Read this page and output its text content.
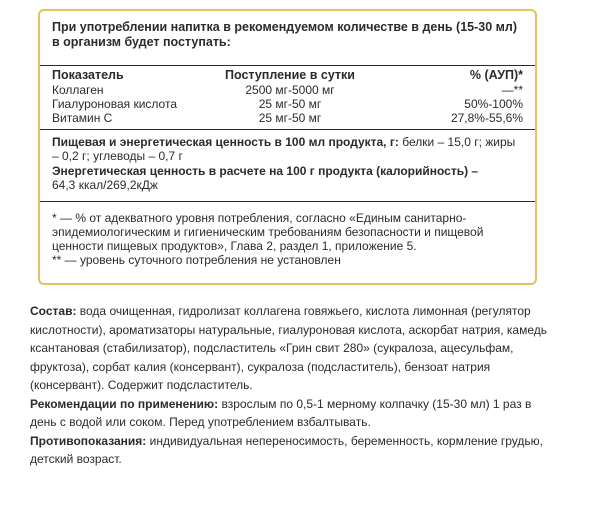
При употреблении напитка в рекомендуемом количестве в день (15-30 мл) в организм будет поступать:
Показатель	Поступление в сутки	% (АУП)*
Коллаген	2500 мг-5000 мг	—**
Гиалуроновая кислота	25 мг-50 мг	50%-100%
Витамин С	25 мг-50 мг	27,8%-55,6%
Пищевая и энергетическая ценность в 100 мл продукта, г: белки – 15,0 г; жиры – 0,2 г; углеводы – 0,7 г
Энергетическая ценность в расчете на 100 г продукта (калорийность) –
64,3 ккал/269,2кДж
* — % от адекватного уровня потребления, согласно «Единым санитарно-эпидемиологическим и гигиеническим требованиям безопасности и пищевой ценности пищевых продуктов», Глава 2, раздел 1, приложение 5.
** — уровень суточного потребления не установлен
Состав: вода очищенная, гидролизат коллагена говяжьего, кислота лимонная (регулятор кислотности), ароматизаторы натуральные, гиалуроновая кислота, аскорбат натрия, камедь ксантановая (стабилизатор), подсластитель «Грин свит 280» (сукралоза, ацесульфам, фруктоза), сорбат калия (консервант), сукралоза (подсластитель), бензоат натрия (консервант). Содержит подсластитель.
Рекомендации по применению: взрослым по 0,5-1 мерному колпачку (15-30 мл) 1 раз в день с водой или соком. Перед употреблением взбалтывать.
Противопоказания: индивидуальная непереносимость, беременность, кормление грудью, детский возраст.
